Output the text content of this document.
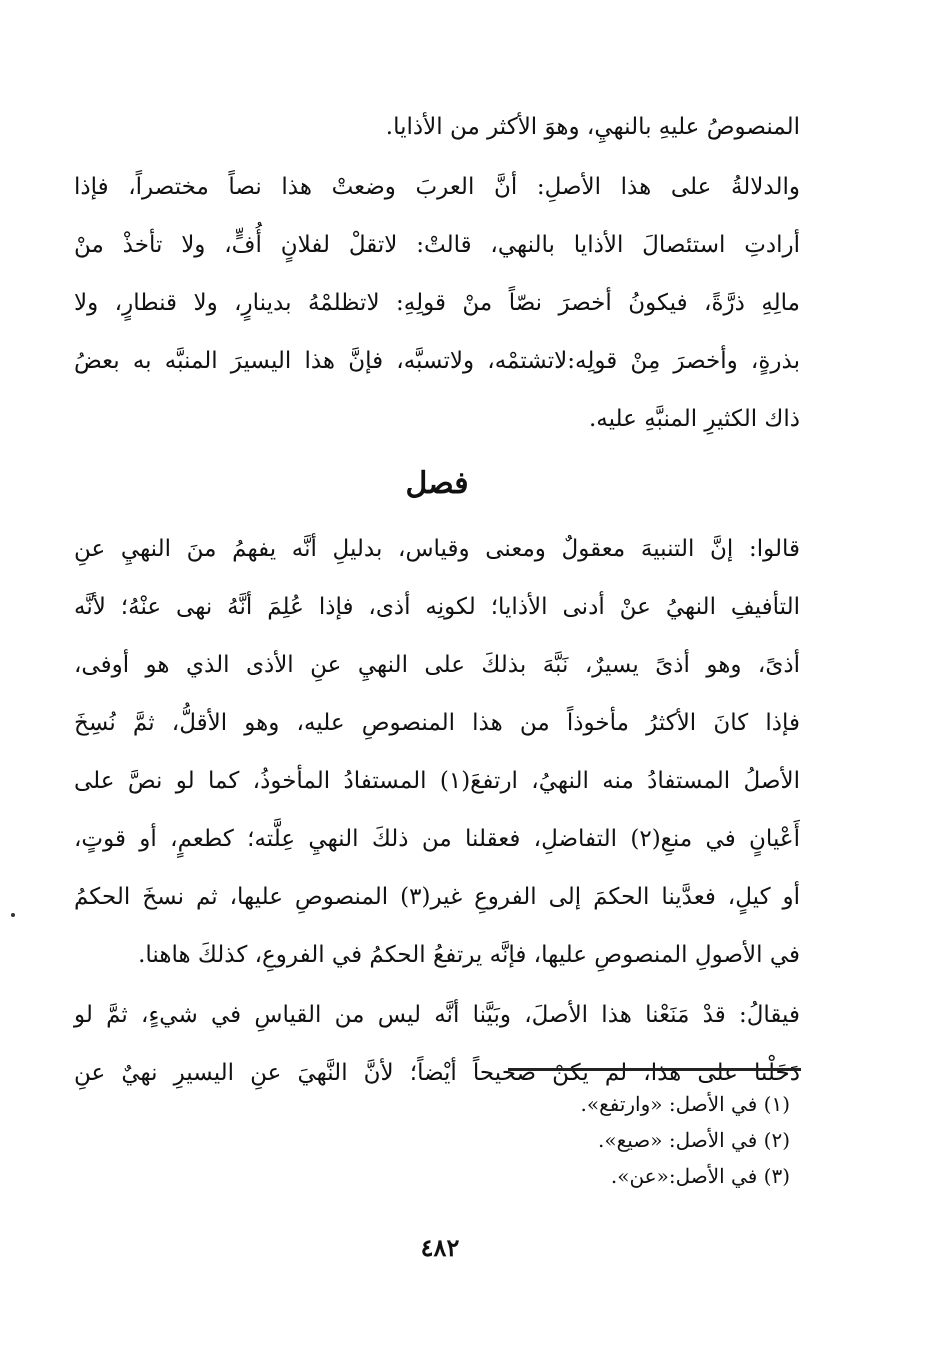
المنصوصُ عليهِ بالنهيِ، وهوَ الأكثر من الأذايا.
والدلالةُ على هذا الأصلِ: أنَّ العربَ وضعتْ هذا نصاً مختصراً، فإذا
أرادتِ استئصالَ الأذايا بالنهي، قالتْ: لاتقلْ لفلانٍ أُفٍّ، ولا تأخذْ منْ
مالِهِ ذرَّةً، فيكونُ أخصرَ نصّاً منْ قولِهِ: لاتظلمْهُ بدينارٍ، ولا قنطارٍ، ولا
بذرةٍ، وأخصرَ مِنْ قولِه:لاتشتمْه، ولاتسبَّه، فإنَّ هذا اليسيرَ المنبَّه به بعضُ
ذاك الكثيرِ المنبَّهِ عليه.
فصل
قالوا: إنَّ التنبيهَ معقولٌ ومعنى وقياس، بدليلِ أنَّه يفهمُ منَ النهيِ عنِ
التأفيفِ النهيُ عنْ أدنى الأذايا؛ لكونِه أذى، فإذا عُلِمَ أنَّهُ نهى عنْهُ؛ لأنَّه
أذىً، وهو أذىً يسيرٌ، نَبَّهَ بذلكَ على النهيِ عنِ الأذى الذي هو أوفى،
فإذا كانَ الأكثرُ مأخوذاً من هذا المنصوصِ عليه، وهو الأقلُّ، ثمَّ نُسِخَ
الأصلُ المستفادُ منه النهيُ، ارتفعَ(١) المستفادُ المأخوذُ، كما لو نصَّ على
أَعْيانٍ في منعِ(٢) التفاضلِ، فعقلنا من ذلكَ النهيِ عِلَّته؛ كطعمٍ، أو قوتٍ،
أو كيلٍ، فعدَّينا الحكمَ إلى الفروعِ غير(٣) المنصوصِ عليها، ثم نسخَ الحكمُ
في الأصولِ المنصوصِ عليها، فإنَّه يرتفعُ الحكمُ في الفروعِ، كذلكَ هاهنا.
فيقالُ: قدْ مَنَعْنا هذا الأصلَ، وبَيَّنا أنَّه ليس من القياسِ في شيءٍ، ثمَّ لو
دَخَلْنا على هذا، لم يكنْ صحيحاً أيْضاً؛ لأنَّ النَّهيَ عنِ اليسيرِ نهيٌ عنِ
(١) في الأصل: «وارتفع».
(٢) في الأصل: «صيع».
(٣) في الأصل:«عن».
٤٨٢
